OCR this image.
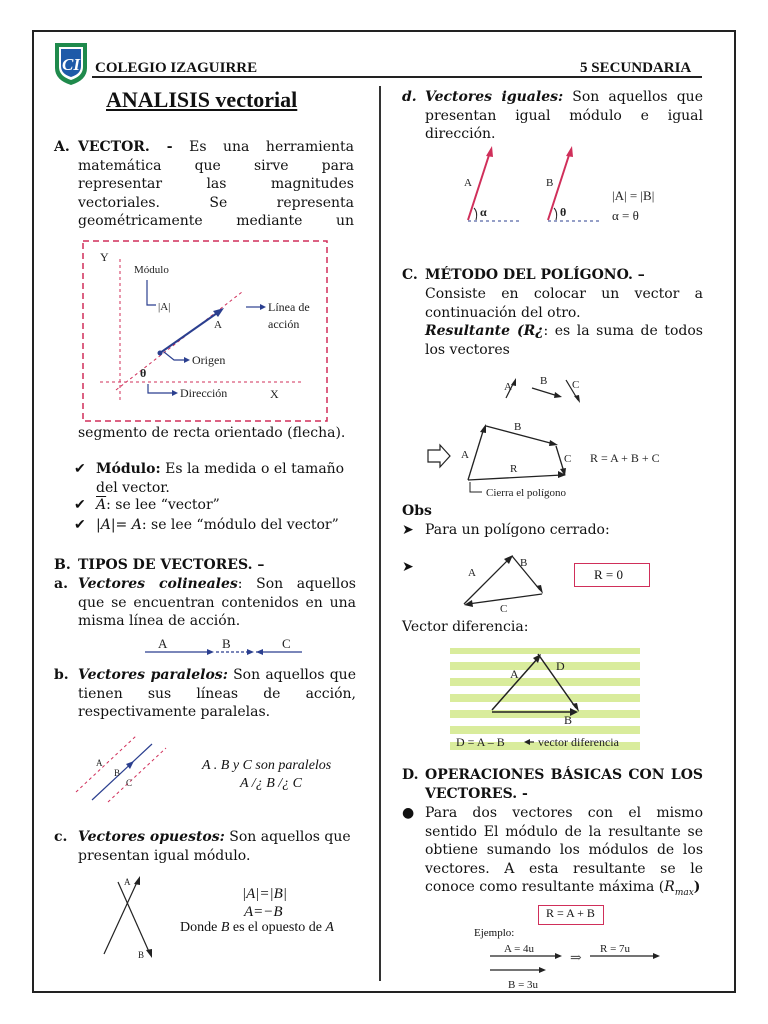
CI COLEGIO IZAGUIRRE	5 SECUNDARIA
ANALISIS vectorial
A. VECTOR. - Es una herramienta matemática que sirve para representar las magnitudes vectoriales. Se representa geométricamente mediante un
Y
X
Módulo
|A|
A
Línea de
acción
Origen
θ
Dirección
segmento de recta orientado (flecha).
✔ Módulo: Es la medida o el tamaño del vector.
✔ $\overline{A}$: se lee “vector”
✔ |A|= A: se lee “módulo del vector”
B. TIPOS DE VECTORES. –
a. Vectores colineales: Son aquellos que se encuentran contenidos en una misma línea de acción.
A	B	C
b. Vectores paralelos: Son aquellos que tienen sus líneas de acción, respectivamente paralelas.
A
B
C
A . B y C son paralelos
A /¿ B /¿ C
c. Vectores opuestos: Son aquellos que presentan igual módulo.
A
B
|A|=|B|
A=−B
Donde B es el opuesto de A
d. Vectores iguales: Son aquellos que presentan igual módulo e igual dirección.
α
A
θ
B
|A| = |B|
α = θ
C. MÉTODO DEL POLÍGONO. –
Consiste en colocar un vector a continuación del otro.
Resultante (R¿: es la suma de todos los vectores
A	B C
A
B
C
R
R = A + B + C
Cierra el polígono
Obs
➤ Para un polígono cerrado:
➤	A
B
C
R = 0
Vector diferencia:
A
D
B
D = A – B	vector diferencia
D. OPERACIONES BÁSICAS CON LOS VECTORES. -
● Para dos vectores con el mismo sentido El módulo de la resultante se obtiene sumando los módulos de los vectores. A esta resultante se le conoce como resultante máxima $(R_{max})$
R = A + B
Ejemplo:
A = 4u
B = 3u
⇒
R = 7u
